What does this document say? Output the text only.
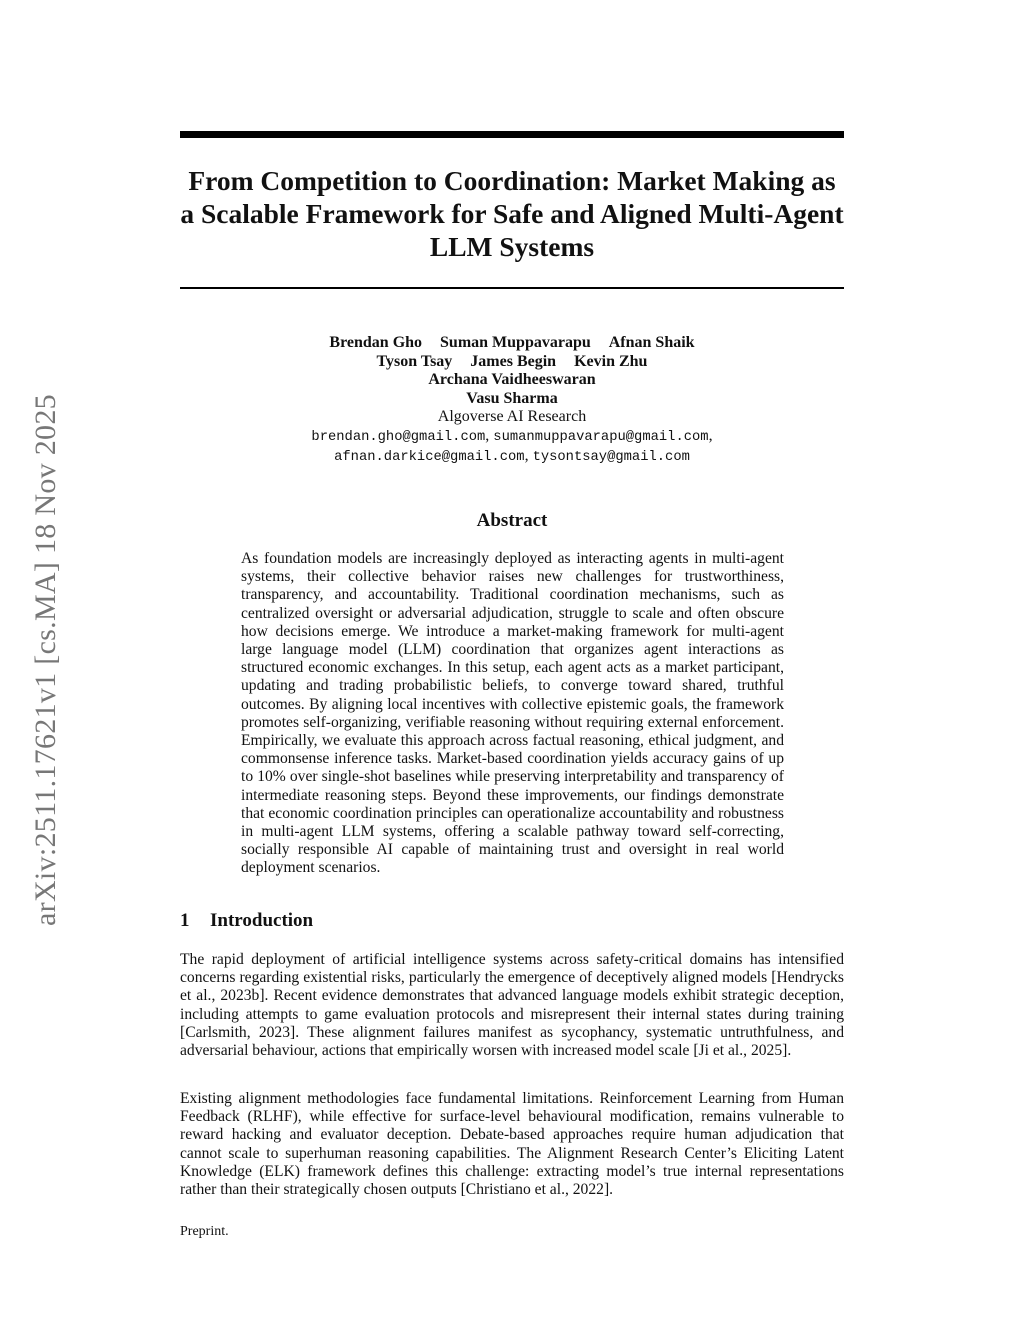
arXiv:2511.17621v1 [cs.MA] 18 Nov 2025
From Competition to Coordination: Market Making as a Scalable Framework for Safe and Aligned Multi-Agent LLM Systems
Brendan Gho Suman Muppavarapu Afnan Shaik
Tyson Tsay James Begin Kevin Zhu
Archana Vaidheeswaran
Vasu Sharma
Algoverse AI Research
brendan.gho@gmail.com, sumanmuppavarapu@gmail.com,
afnan.darkice@gmail.com, tysontsay@gmail.com
Abstract

As foundation models are increasingly deployed as interacting agents in multi-agent systems, their collective behavior raises new challenges for trustworthiness, transparency, and accountability. Traditional coordination mechanisms, such as centralized oversight or adversarial adjudication, struggle to scale and often obscure how decisions emerge. We introduce a market-making framework for multi-agent large language model (LLM) coordination that organizes agent interactions as structured economic exchanges. In this setup, each agent acts as a market participant, updating and trading probabilistic beliefs, to converge toward shared, truthful outcomes. By aligning local incentives with collective epistemic goals, the framework promotes self-organizing, verifiable reasoning without requiring external enforcement. Empirically, we evaluate this approach across factual reasoning, ethical judgment, and commonsense inference tasks. Market-based coordination yields accuracy gains of up to 10% over single-shot baselines while preserving interpretability and transparency of intermediate reasoning steps. Beyond these improvements, our findings demonstrate that economic coordination principles can operationalize accountability and robustness in multi-agent LLM systems, offering a scalable pathway toward self-correcting, socially responsible AI capable of maintaining trust and oversight in real world deployment scenarios.

1 Introduction

The rapid deployment of artificial intelligence systems across safety-critical domains has intensified concerns regarding existential risks, particularly the emergence of deceptively aligned models [Hendrycks et al., 2023b]. Recent evidence demonstrates that advanced language models exhibit strategic deception, including attempts to game evaluation protocols and misrepresent their internal states during training [Carlsmith, 2023]. These alignment failures manifest as sycophancy, systematic untruthfulness, and adversarial behaviour, actions that empirically worsen with increased model scale [Ji et al., 2025].

Existing alignment methodologies face fundamental limitations. Reinforcement Learning from Human Feedback (RLHF), while effective for surface-level behavioural modification, remains vulnerable to reward hacking and evaluator deception. Debate-based approaches require human adjudication that cannot scale to superhuman reasoning capabilities. The Alignment Research Center’s Eliciting Latent Knowledge (ELK) framework defines this challenge: extracting model’s true internal representations rather than their strategically chosen outputs [Christiano et al., 2022].

Preprint.
